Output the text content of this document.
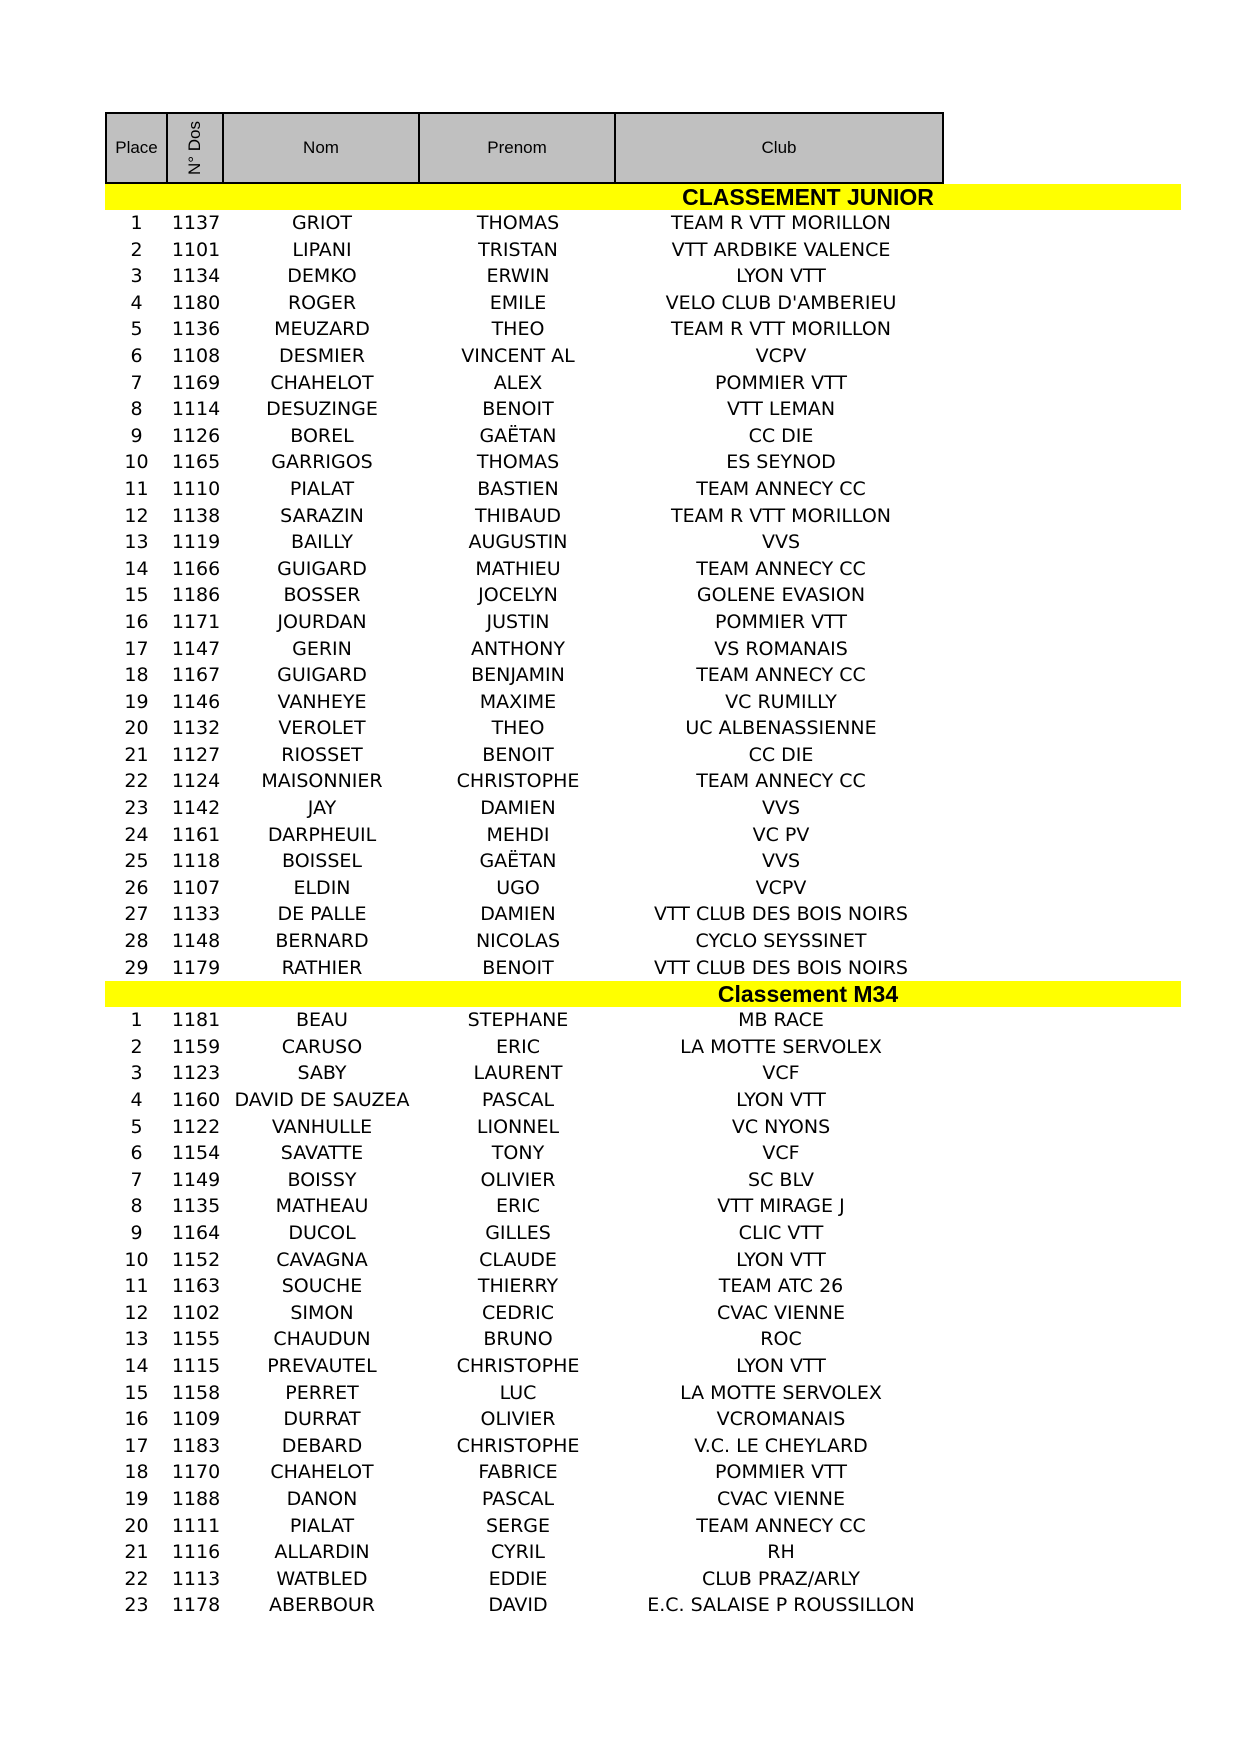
Place	N° Dos	Nom	Prenom	Club
CLASSEMENT JUNIOR
1	1137	GRIOT	THOMAS	TEAM R VTT MORILLON
2	1101	LIPANI	TRISTAN	VTT ARDBIKE VALENCE
3	1134	DEMKO	ERWIN	LYON VTT
4	1180	ROGER	EMILE	VELO CLUB D'AMBERIEU
5	1136	MEUZARD	THEO	TEAM R VTT MORILLON
6	1108	DESMIER	VINCENT AL	VCPV
7	1169	CHAHELOT	ALEX	POMMIER VTT
8	1114	DESUZINGE	BENOIT	VTT LEMAN
9	1126	BOREL	GAËTAN	CC DIE
10	1165	GARRIGOS	THOMAS	ES SEYNOD
11	1110	PIALAT	BASTIEN	TEAM ANNECY CC
12	1138	SARAZIN	THIBAUD	TEAM R VTT MORILLON
13	1119	BAILLY	AUGUSTIN	VVS
14	1166	GUIGARD	MATHIEU	TEAM ANNECY CC
15	1186	BOSSER	JOCELYN	GOLENE EVASION
16	1171	JOURDAN	JUSTIN	POMMIER VTT
17	1147	GERIN	ANTHONY	VS ROMANAIS
18	1167	GUIGARD	BENJAMIN	TEAM ANNECY CC
19	1146	VANHEYE	MAXIME	VC RUMILLY
20	1132	VEROLET	THEO	UC ALBENASSIENNE
21	1127	RIOSSET	BENOIT	CC DIE
22	1124	MAISONNIER	CHRISTOPHE	TEAM ANNECY CC
23	1142	JAY	DAMIEN	VVS
24	1161	DARPHEUIL	MEHDI	VC PV
25	1118	BOISSEL	GAËTAN	VVS
26	1107	ELDIN	UGO	VCPV
27	1133	DE PALLE	DAMIEN	VTT CLUB DES BOIS NOIRS
28	1148	BERNARD	NICOLAS	CYCLO SEYSSINET
29	1179	RATHIER	BENOIT	VTT CLUB DES BOIS NOIRS
Classement M34
1	1181	BEAU	STEPHANE	MB RACE
2	1159	CARUSO	ERIC	LA MOTTE SERVOLEX
3	1123	SABY	LAURENT	VCF
4	1160 DAVID DE SAUZEA	PASCAL	LYON VTT
5	1122	VANHULLE	LIONNEL	VC NYONS
6	1154	SAVATTE	TONY	VCF
7	1149	BOISSY	OLIVIER	SC BLV
8	1135	MATHEAU	ERIC	VTT MIRAGE J
9	1164	DUCOL	GILLES	CLIC VTT
10	1152	CAVAGNA	CLAUDE	LYON VTT
11	1163	SOUCHE	THIERRY	TEAM ATC 26
12	1102	SIMON	CEDRIC	CVAC VIENNE
13	1155	CHAUDUN	BRUNO	ROC
14	1115	PREVAUTEL	CHRISTOPHE	LYON VTT
15	1158	PERRET	LUC	LA MOTTE SERVOLEX
16	1109	DURRAT	OLIVIER	VCROMANAIS
17	1183	DEBARD	CHRISTOPHE	V.C. LE CHEYLARD
18	1170	CHAHELOT	FABRICE	POMMIER VTT
19	1188	DANON	PASCAL	CVAC VIENNE
20	1111	PIALAT	SERGE	TEAM ANNECY CC
21	1116	ALLARDIN	CYRIL	RH
22	1113	WATBLED	EDDIE	CLUB PRAZ/ARLY
23	1178	ABERBOUR	DAVID	E.C. SALAISE P ROUSSILLON
